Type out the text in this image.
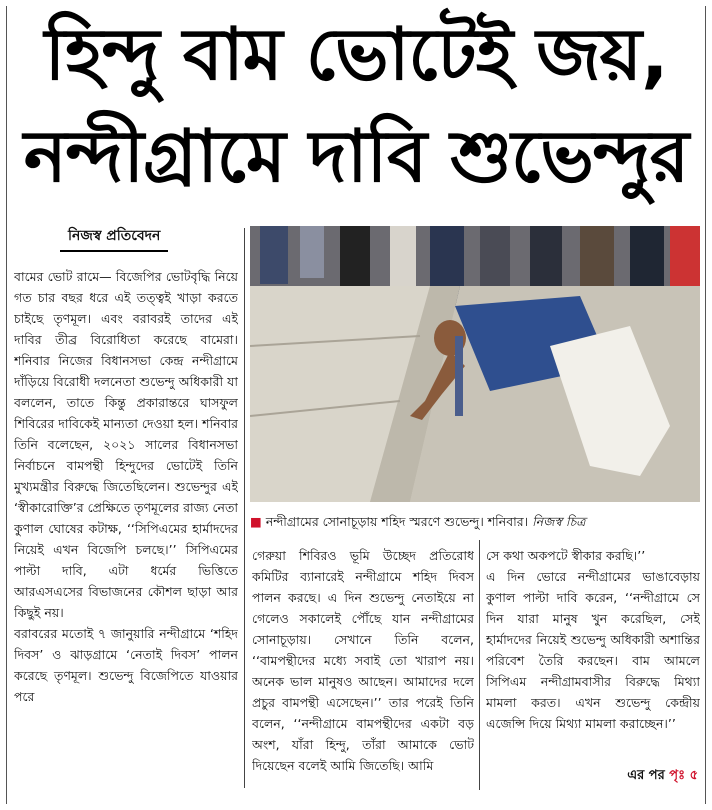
হিন্দু বাম ভোটেই জয়,
নন্দীগ্রামে দাবি শুভেন্দুর
নিজস্ব প্রতিবেদন
বামের ভোট রামে— বিজেপির ভোটবৃদ্ধি নিয়ে গত চার বছর ধরে এই তত্ত্বই খাড়া করতে চাইছে তৃণমূল। এবং বরাবরই তাদের এই দাবির তীব্র বিরোধিতা করেছে বামেরা। শনিবার নিজের বিধানসভা কেন্দ্র নন্দীগ্রামে দাঁড়িয়ে বিরোধী দলনেতা শুভেন্দু অধিকারী যা বললেন, তাতে কিন্তু প্রকারান্তরে ঘাসফুল শিবিরের দাবিকেই মান্যতা দেওয়া হল। শনিবার তিনি বলেছেন, ২০২১ সালের বিধানসভা নির্বাচনে বামপন্থী হিন্দুদের ভোটেই তিনি মুখ্যমন্ত্রীর বিরুদ্ধে জিতেছিলেন। শুভেন্দুর এই ‘স্বীকারোক্তি’র প্রেক্ষিতে তৃণমূলের রাজ্য নেতা কুণাল ঘোষের কটাক্ষ, ‘‘সিপিএমের হার্মাদদের নিয়েই এখন বিজেপি চলছে।’’ সিপিএমের পাল্টা দাবি, এটা ধর্মের ভিত্তিতে আরএসএসের বিভাজনের কৌশল ছাড়া আর কিছুই নয়।
বরাবরের মতোই ৭ জানুয়ারি নন্দীগ্রামে ‘শহিদ দিবস’ ও ঝাড়গ্রামে ‘নেতাই দিবস’ পালন করেছে তৃণমূল। শুভেন্দু বিজেপিতে যাওয়ার পরে
■ নন্দীগ্রামের সোনাচূড়ায় শহিদ স্মরণে শুভেন্দু। শনিবার। নিজস্ব চিত্র
গেরুয়া শিবিরও ভূমি উচ্ছেদ প্রতিরোধ কমিটির ব্যানারেই নন্দীগ্রামে শহিদ দিবস পালন করছে। এ দিন শুভেন্দু নেতাইয়ে না গেলেও সকালেই পৌঁছে যান নন্দীগ্রামের সোনাচূড়ায়। সেখানে তিনি বলেন, ‘‘বামপন্থীদের মধ্যে সবাই তো খারাপ নয়। অনেক ভাল মানুষও আছেন। আমাদের দলে প্রচুর বামপন্থী এসেছেন।’’ তার পরেই তিনি বলেন, ‘‘নন্দীগ্রামে বামপন্থীদের একটা বড় অংশ, যাঁরা হিন্দু, তাঁরা আমাকে ভোট দিয়েছেন বলেই আমি জিতেছি। আমি
সে কথা অকপটে স্বীকার করছি।’’
এ দিন ভোরে নন্দীগ্রামের ভাঙাবেড়ায় কুণাল পাল্টা দাবি করেন, ‘‘নন্দীগ্রামে সে দিন যারা মানুষ খুন করেছিল, সেই হার্মাদদের নিয়েই শুভেন্দু অধিকারী অশান্তির পরিবেশ তৈরি করছেন। বাম আমলে সিপিএম নন্দীগ্রামবাসীর বিরুদ্ধে মিথ্যা মামলা করত। এখন শুভেন্দু কেন্দ্রীয় এজেন্সি দিয়ে মিথ্যা মামলা করাচ্ছেন।’’
এর পর পৃঃ ৫
